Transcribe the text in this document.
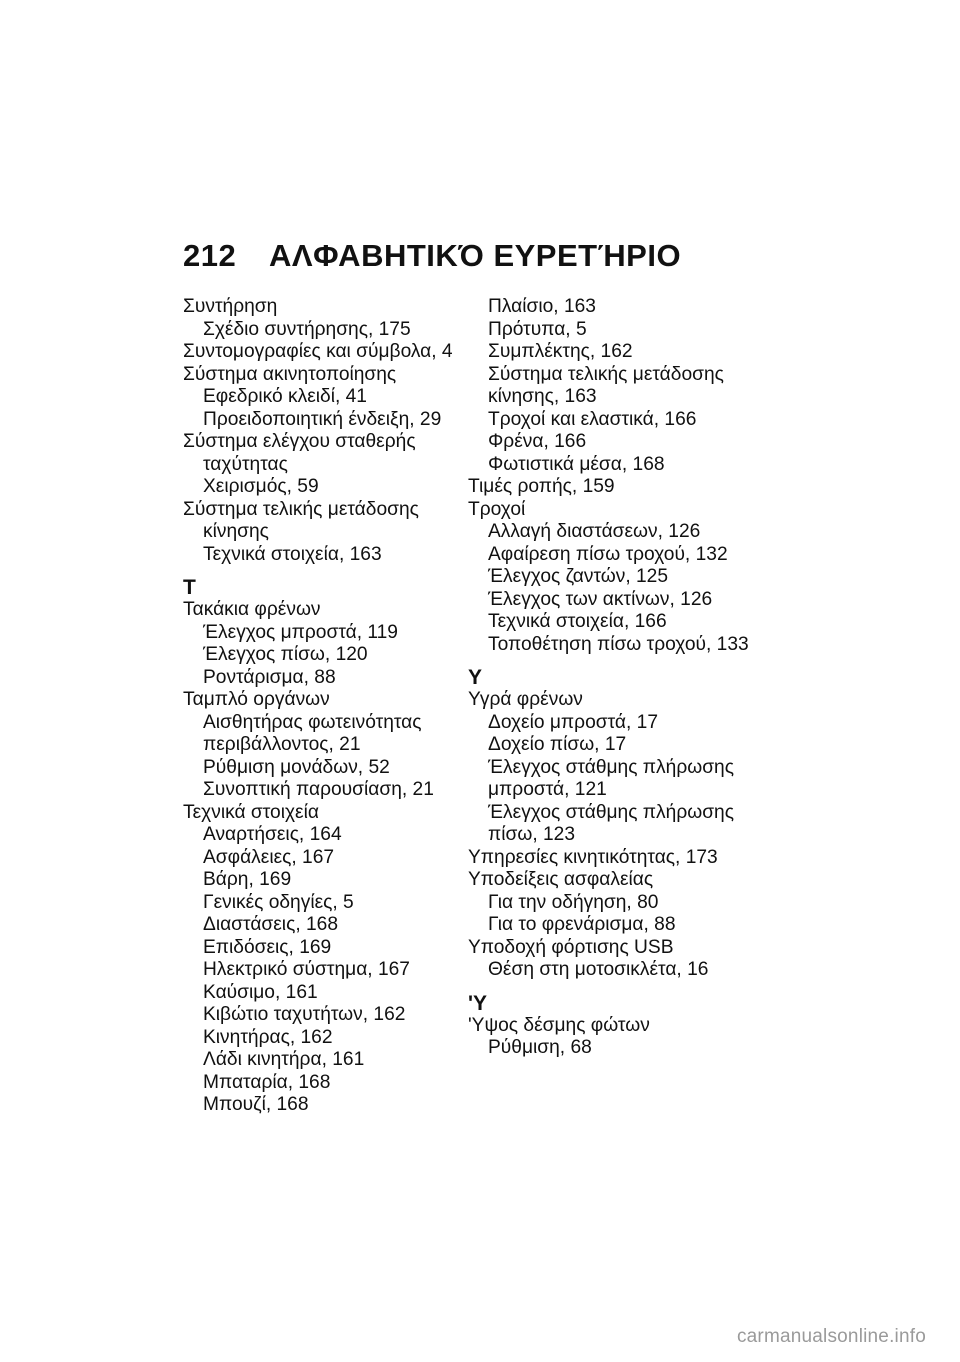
212 ΑΛΦΑΒΗΤΙΚΌ ΕΥΡΕΤΉΡΙΟ
Συντήρηση
Σχέδιο συντήρησης, 175
Συντομογραφίες και σύμβολα, 4
Σύστημα ακινητοποίησης
Εφεδρικό κλειδί, 41
Προειδοποιητική ένδειξη, 29
Σύστημα ελέγχου σταθερής
ταχύτητας
Χειρισμός, 59
Σύστημα τελικής μετάδοσης
κίνησης
Τεχνικά στοιχεία, 163
Τ
Τακάκια φρένων
Έλεγχος μπροστά, 119
Έλεγχος πίσω, 120
Ροντάρισμα, 88
Ταμπλό οργάνων
Αισθητήρας φωτεινότητας
περιβάλλοντος, 21
Ρύθμιση μονάδων, 52
Συνοπτική παρουσίαση, 21
Τεχνικά στοιχεία
Αναρτήσεις, 164
Ασφάλειες, 167
Βάρη, 169
Γενικές οδηγίες, 5
Διαστάσεις, 168
Επιδόσεις, 169
Ηλεκτρικό σύστημα, 167
Καύσιμο, 161
Κιβώτιο ταχυτήτων, 162
Κινητήρας, 162
Λάδι κινητήρα, 161
Μπαταρία, 168
Μπουζί, 168
Πλαίσιο, 163
Πρότυπα, 5
Συμπλέκτης, 162
Σύστημα τελικής μετάδοσης
κίνησης, 163
Τροχοί και ελαστικά, 166
Φρένα, 166
Φωτιστικά μέσα, 168
Τιμές ροπής, 159
Τροχοί
Αλλαγή διαστάσεων, 126
Αφαίρεση πίσω τροχού, 132
Έλεγχος ζαντών, 125
Έλεγχος των ακτίνων, 126
Τεχνικά στοιχεία, 166
Τοποθέτηση πίσω τροχού, 133
Υ
Υγρά φρένων
Δοχείο μπροστά, 17
Δοχείο πίσω, 17
Έλεγχος στάθμης πλήρωσης
μπροστά, 121
Έλεγχος στάθμης πλήρωσης
πίσω, 123
Υπηρεσίες κινητικότητας, 173
Υποδείξεις ασφαλείας
Για την οδήγηση, 80
Για το φρενάρισμα, 88
Υποδοχή φόρτισης USB
Θέση στη μοτοσικλέτα, 16
'Υ
'Υψος δέσμης φώτων
Ρύθμιση, 68
carmanualsonline.info
